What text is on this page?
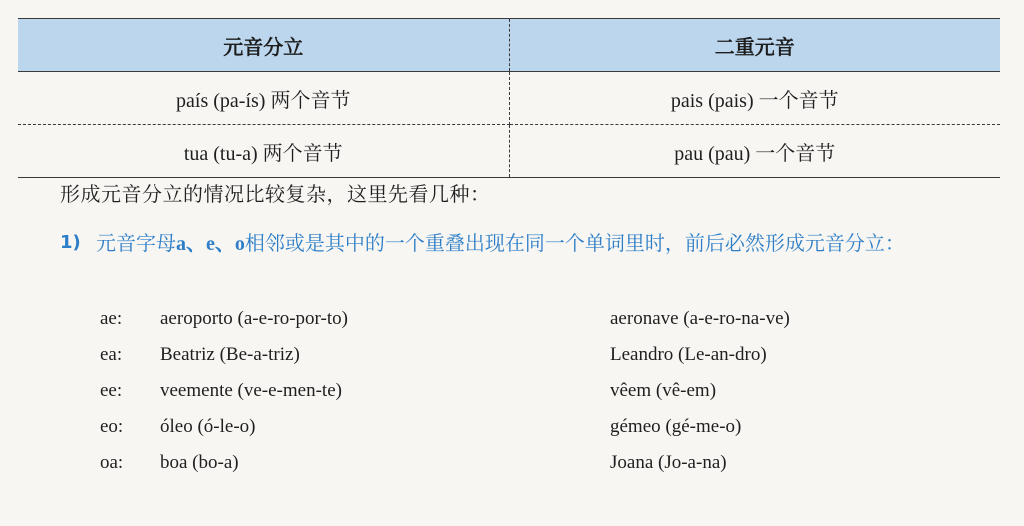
元音分立	二重元音
país (pa-ís) 两个音节	pais (pais) 一个音节
tua (tu-a) 两个音节	pau (pau) 一个音节
形成元音分立的情况比较复杂，这里先看几种：
1) 元音字母a、e、o相邻或是其中的一个重叠出现在同一个单词里时，前后必然形成元音分立：
ae: aeroporto (a-e-ro-por-to)	aeronave (a-e-ro-na-ve)
ea: Beatriz (Be-a-triz)	Leandro (Le-an-dro)
ee: veemente (ve-e-men-te)	vêem (vê-em)
eo: óleo (ó-le-o)	gémeo (gé-me-o)
oa: boa (bo-a)	Joana (Jo-a-na)
